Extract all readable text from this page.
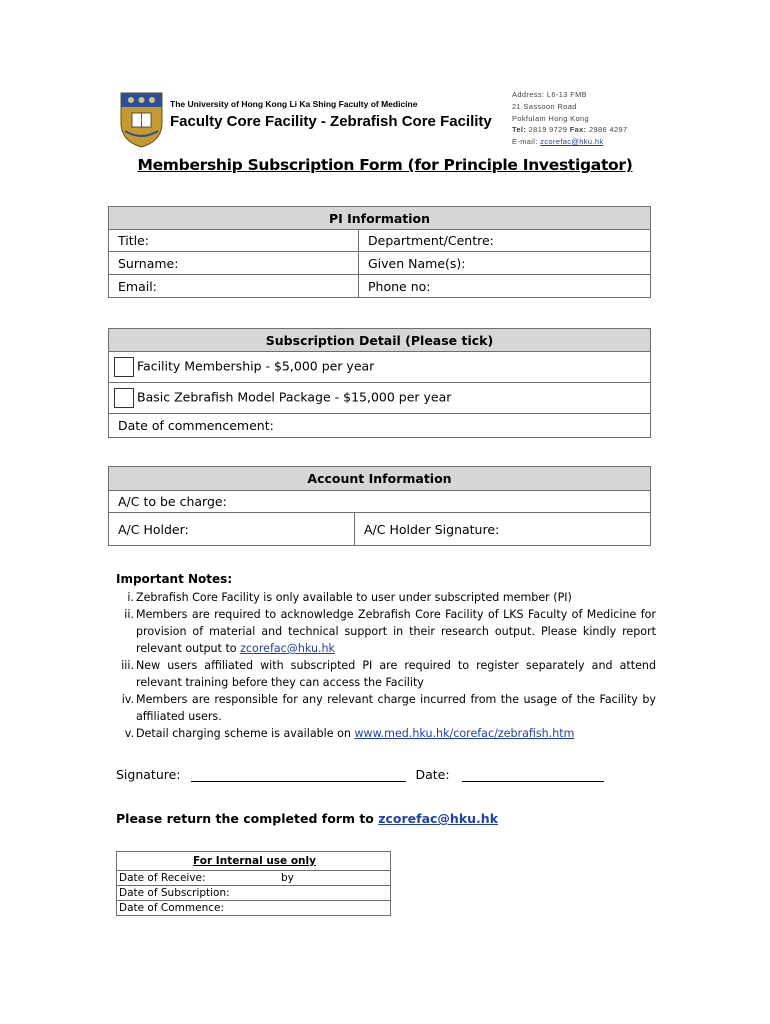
The University of Hong Kong Li Ka Shing Faculty of Medicine
Faculty Core Facility - Zebrafish Core Facility
Address: L6-13 FMB
21 Sassoon Road
Pokfulam Hong Kong
Tel: 2819 9729 Fax: 2986 4297
E-mail: zcorefac@hku.hk
Membership Subscription Form (for Principle Investigator)
PI Information	
Title:	Department/Centre:
Surname:	Given Name(s):
Email:	Phone no:
Subscription Detail (Please tick)
Facility Membership - $5,000 per year
Basic Zebrafish Model Package - $15,000 per year
Date of commencement:
Account Information
A/C to be charge:
A/C Holder:	A/C Holder Signature:
Important Notes:
i. Zebrafish Core Facility is only available to user under subscripted member (PI)
ii. Members are required to acknowledge Zebrafish Core Facility of LKS Faculty of Medicine for provision of material and technical support in their research output. Please kindly report relevant output to zcorefac@hku.hk
iii. New users affiliated with subscripted PI are required to register separately and attend relevant training before they can access the Facility
iv. Members are responsible for any relevant charge incurred from the usage of the Facility by affiliated users.
v. Detail charging scheme is available on www.med.hku.hk/corefac/zebrafish.htm
Signature:	Date:
Please return the completed form to zcorefac@hku.hk
For Internal use only
Date of Receive:	by
Date of Subscription:
Date of Commence:
